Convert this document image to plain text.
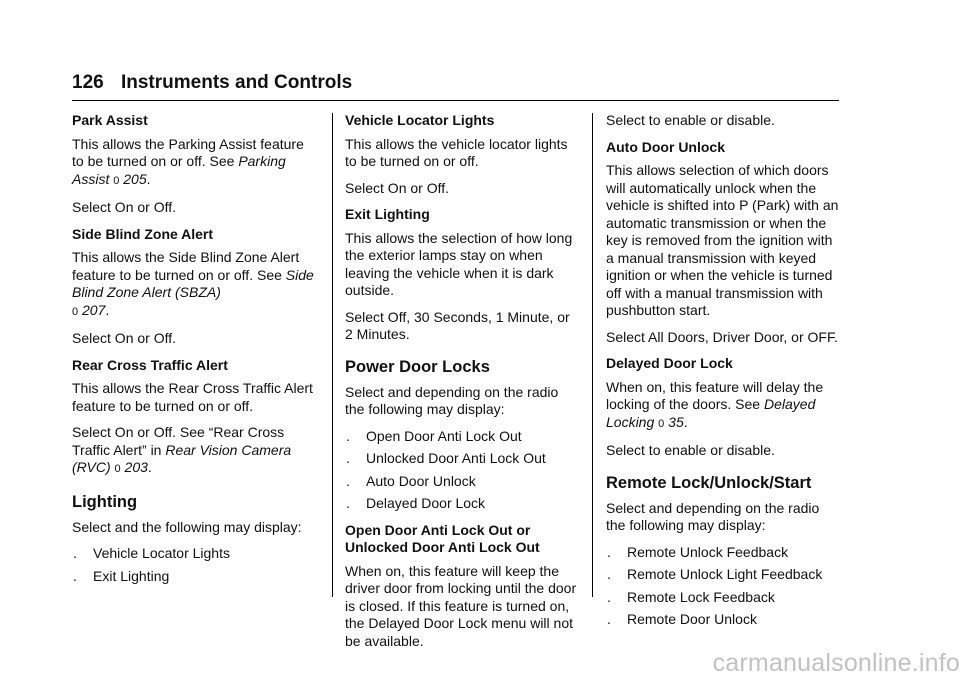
126 Instruments and Controls

Park Assist

This allows the Parking Assist feature to be turned on or off. See Parking Assist 0 205.

Select On or Off.

Side Blind Zone Alert

This allows the Side Blind Zone Alert feature to be turned on or off. See Side Blind Zone Alert (SBZA)
0 207.

Select On or Off.

Rear Cross Traffic Alert

This allows the Rear Cross Traffic Alert feature to be turned on or off.

Select On or Off. See “Rear Cross Traffic Alert” in Rear Vision Camera (RVC) 0 203.

Lighting

Select and the following may display:

.	Vehicle Locator Lights
.	Exit Lighting

Vehicle Locator Lights

This allows the vehicle locator lights to be turned on or off.

Select On or Off.

Exit Lighting

This allows the selection of how long the exterior lamps stay on when leaving the vehicle when it is dark outside.

Select Off, 30 Seconds, 1 Minute, or 2 Minutes.

Power Door Locks

Select and depending on the radio the following may display:

.	Open Door Anti Lock Out
.	Unlocked Door Anti Lock Out
.	Auto Door Unlock
.	Delayed Door Lock

Open Door Anti Lock Out or Unlocked Door Anti Lock Out

When on, this feature will keep the driver door from locking until the door is closed. If this feature is turned on, the Delayed Door Lock menu will not be available.

Select to enable or disable.

Auto Door Unlock

This allows selection of which doors will automatically unlock when the vehicle is shifted into P (Park) with an automatic transmission or when the key is removed from the ignition with a manual transmission with keyed ignition or when the vehicle is turned off with a manual transmission with pushbutton start.

Select All Doors, Driver Door, or OFF.

Delayed Door Lock

When on, this feature will delay the locking of the doors. See Delayed Locking 0 35.

Select to enable or disable.

Remote Lock/Unlock/Start

Select and depending on the radio the following may display:

.	Remote Unlock Feedback
.	Remote Unlock Light Feedback
.	Remote Lock Feedback
.	Remote Door Unlock
carmanualsonline.info
